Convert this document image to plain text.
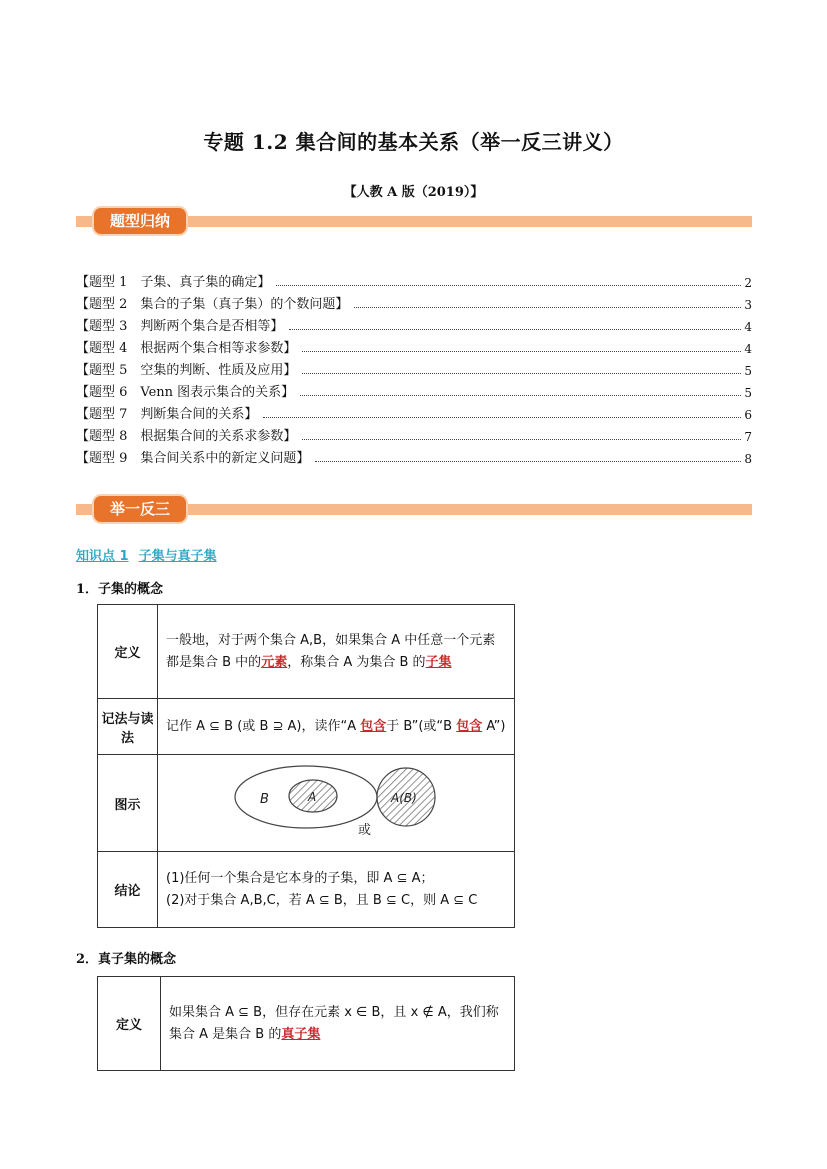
专题 1.2 集合间的基本关系（举一反三讲义）
【人教 A 版（2019）】
题型归纳
【题型 1　子集、真子集的确定】	2
【题型 2　集合的子集（真子集）的个数问题】	3
【题型 3　判断两个集合是否相等】	4
【题型 4　根据两个集合相等求参数】	4
【题型 5　空集的判断、性质及应用】	5
【题型 6　Venn 图表示集合的关系】	5
【题型 7　判断集合间的关系】	6
【题型 8　根据集合间的关系求参数】	7
【题型 9　集合间关系中的新定义问题】	8
举一反三
知识点 1 子集与真子集
1．子集的概念
定义	一般地，对于两个集合 A,B，如果集合 A 中任意一个元素都是集合 B 中的元素，称集合 A 为集合 B 的子集
记法与读法	记作 A ⊆ B (或 B ⊇ A)，读作“A 包含于 B”(或“B 包含 A”)
图示	B A A(B)
或

结论	(1)任何一个集合是它本身的子集，即 A ⊆ A；
(2)对于集合 A,B,C，若 A ⊆ B，且 B ⊆ C，则 A ⊆ C
2．真子集的概念
定义	如果集合 A ⊆ B，但存在元素 x ∈ B，且 x ∉ A，我们称集合 A 是集合 B 的真子集
